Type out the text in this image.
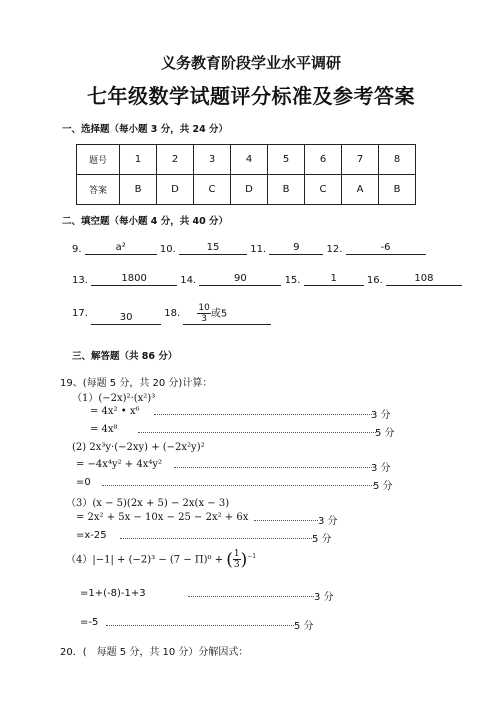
义务教育阶段学业水平调研
七年级数学试题评分标准及参考答案
一、选择题（每小题 3 分，共 24 分）
题号	1	2	3	4	5	6	7	8
答案	B	D	C	D	B	C	A	B
二、填空题（每小题 4 分，共 40 分）
9.	a²	10.	15	11.	9	12.	-6
13.	1800	14.	90	15.	1	16.	108
17.	30	18. $\frac{10}{3}$ 或5
三、解答题（共 86 分）
19、(每题 5 分，共 20 分)计算：
（1）(−2x)²·(x²)³
= 4x² • x⁶	3 分
= 4x⁸	5 分
(2) 2x³y·(−2xy) + (−2x²y)²
= −4x⁴y² + 4x⁴y²	3 分
=0	5 分
（3）(x − 5)(2x + 5) − 2x(x − 3)
= 2x² + 5x − 10x − 25 − 2x² + 6x	3 分
=x-25	5 分
（4）|−1| + (−2)³ − (7 − Π)⁰ + ( $\frac{1}{3} )^{-1}$
=1+(-8)-1+3	3 分
=-5	5 分
20．(　每题 5 分，共 10 分）分解因式：
